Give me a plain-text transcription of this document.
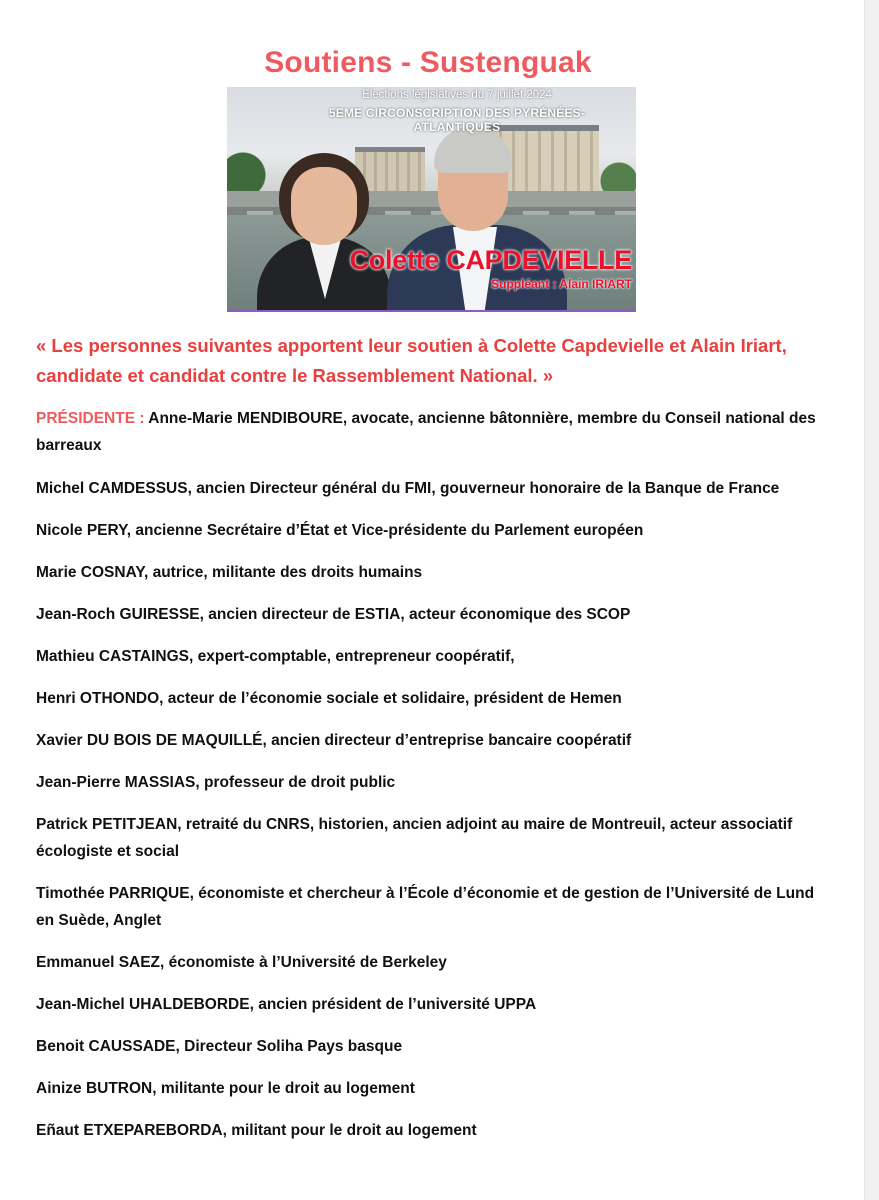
Soutiens - Sustenguak
Elections législatives du 7 juillet 2024
5EME CIRCONSCRIPTION DES PYRÉNÉES-ATLANTIQUES
Colette CAPDEVIELLE
Suppléant : Alain IRIART

« Les personnes suivantes apportent leur soutien à Colette Capdevielle et Alain Iriart, candidate et candidat contre le Rassemblement National. »

PRÉSIDENTE : Anne-Marie MENDIBOURE, avocate, ancienne bâtonnière, membre du Conseil national des barreaux
Michel CAMDESSUS, ancien Directeur général du FMI, gouverneur honoraire de la Banque de France
Nicole PERY, ancienne Secrétaire d’État et Vice-présidente du Parlement européen
Marie COSNAY, autrice, militante des droits humains
Jean-Roch GUIRESSE, ancien directeur de ESTIA, acteur économique des SCOP
Mathieu CASTAINGS, expert-comptable, entrepreneur coopératif,
Henri OTHONDO, acteur de l’économie sociale et solidaire, président de Hemen
Xavier DU BOIS DE MAQUILLÉ, ancien directeur d’entreprise bancaire coopératif
Jean-Pierre MASSIAS, professeur de droit public
Patrick PETITJEAN, retraité du CNRS, historien, ancien adjoint au maire de Montreuil, acteur associatif écologiste et social
Timothée PARRIQUE, économiste et chercheur à l’École d’économie et de gestion de l’Université de Lund en Suède, Anglet
Emmanuel SAEZ, économiste à l’Université de Berkeley
Jean-Michel UHALDEBORDE, ancien président de l’université UPPA
Benoit CAUSSADE, Directeur Soliha Pays basque
Ainize BUTRON, militante pour le droit au logement
Eñaut ETXEPAREBORDA, militant pour le droit au logement
